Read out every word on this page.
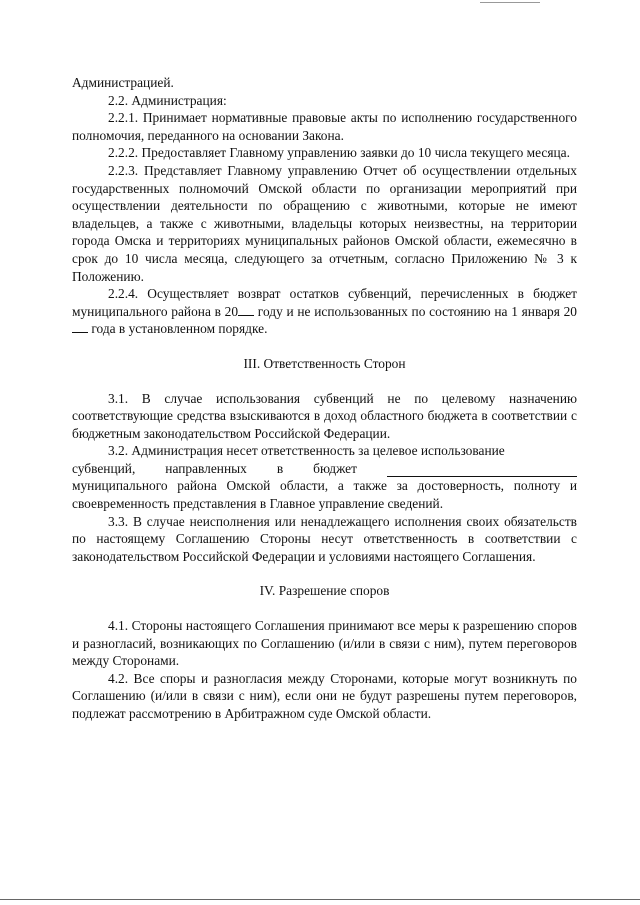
Администрацией.

2.2. Администрация:

2.2.1. Принимает нормативные правовые акты по исполнению государственного полномочия, переданного на основании Закона.

2.2.2. Предоставляет Главному управлению заявки до 10 числа текущего месяца.

2.2.3. Представляет Главному управлению Отчет об осуществлении отдельных государственных полномочий Омской области по организации мероприятий при осуществлении деятельности по обращению с животными, которые не имеют владельцев, а также с животными, владельцы которых неизвестны, на территории города Омска и территориях муниципальных районов Омской области, ежемесячно в срок до 10 числа месяца, следующего за отчетным, согласно Приложению № 3 к Положению.

2.2.4. Осуществляет возврат остатков субвенций, перечисленных в бюджет муниципального района в 20 году и не использованных по состоянию на 1 января 20 года в установленном порядке.

III. Ответственность Сторон

3.1. В случае использования субвенций не по целевому назначению соответствующие средства взыскиваются в доход областного бюджета в соответствии с бюджетным законодательством Российской Федерации.

3.2. Администрация несет ответственность за целевое использование

субвенций, направленных в бюджет

муниципального района Омской области, а также за достоверность, полноту и своевременность представления в Главное управление сведений.

3.3. В случае неисполнения или ненадлежащего исполнения своих обязательств по настоящему Соглашению Стороны несут ответственность в соответствии с законодательством Российской Федерации и условиями настоящего Соглашения.

IV. Разрешение споров

4.1. Стороны настоящего Соглашения принимают все меры к разрешению споров и разногласий, возникающих по Соглашению (и/или в связи с ним), путем переговоров между Сторонами.

4.2. Все споры и разногласия между Сторонами, которые могут возникнуть по Соглашению (и/или в связи с ним), если они не будут разрешены путем переговоров, подлежат рассмотрению в Арбитражном суде Омской области.
